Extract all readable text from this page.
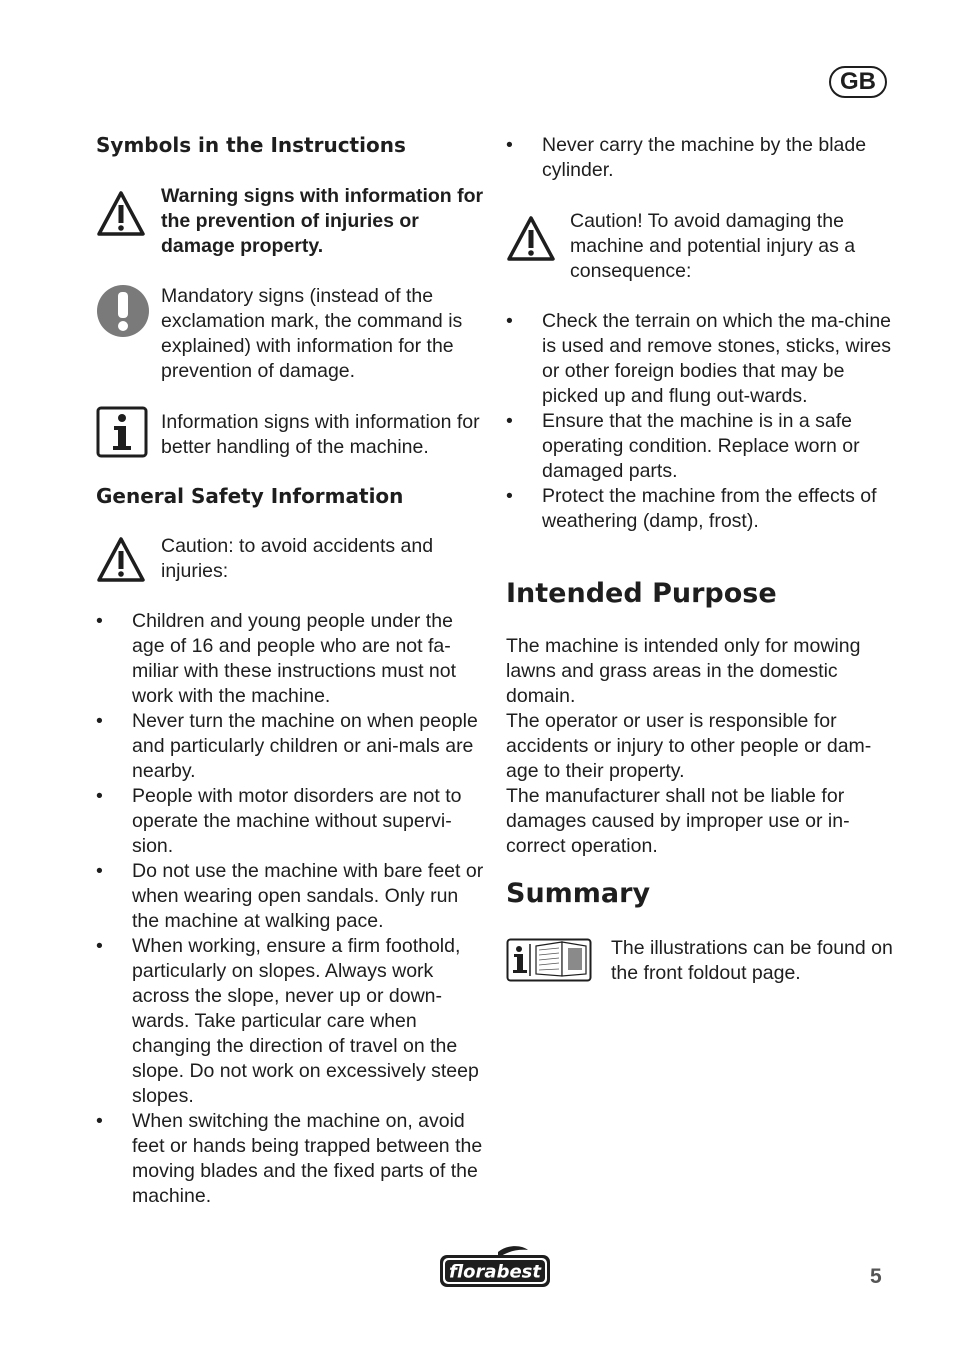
GB
Symbols in the Instructions
Warning signs with information for the prevention of injuries or damage property.
Mandatory signs (instead of the exclamation mark, the command is explained) with information for the prevention of damage.
Information signs with information for better handling of the machine.
General Safety Information
Caution: to avoid accidents and injuries:
• Children and young people under the age of 16 and people who are not fa-miliar with these instructions must not work with the machine.
• Never turn the machine on when people and particularly children or ani-mals are nearby.
• People with motor disorders are not to operate the machine without supervi-sion.
• Do not use the machine with bare feet or when wearing open sandals. Only run the machine at walking pace.
• When working, ensure a firm foothold, particularly on slopes. Always work across the slope, never up or down-wards. Take particular care when changing the direction of travel on the slope. Do not work on excessively steep slopes.
• When switching the machine on, avoid feet or hands being trapped between the moving blades and the fixed parts of the machine.
• Never carry the machine by the blade cylinder.
Caution! To avoid damaging the machine and potential injury as a consequence:
• Check the terrain on which the ma-chine is used and remove stones, sticks, wires or other foreign bodies that may be picked up and flung out-wards.
• Ensure that the machine is in a safe operating condition. Replace worn or damaged parts.
• Protect the machine from the effects of weathering (damp, frost).
Intended Purpose
The machine is intended only for mowing lawns and grass areas in the domestic domain.
The operator or user is responsible for accidents or injury to other people or dam-age to their property.
The manufacturer shall not be liable for damages caused by improper use or in-correct operation.
Summary
The illustrations can be found on the front foldout page.
florabest	5
